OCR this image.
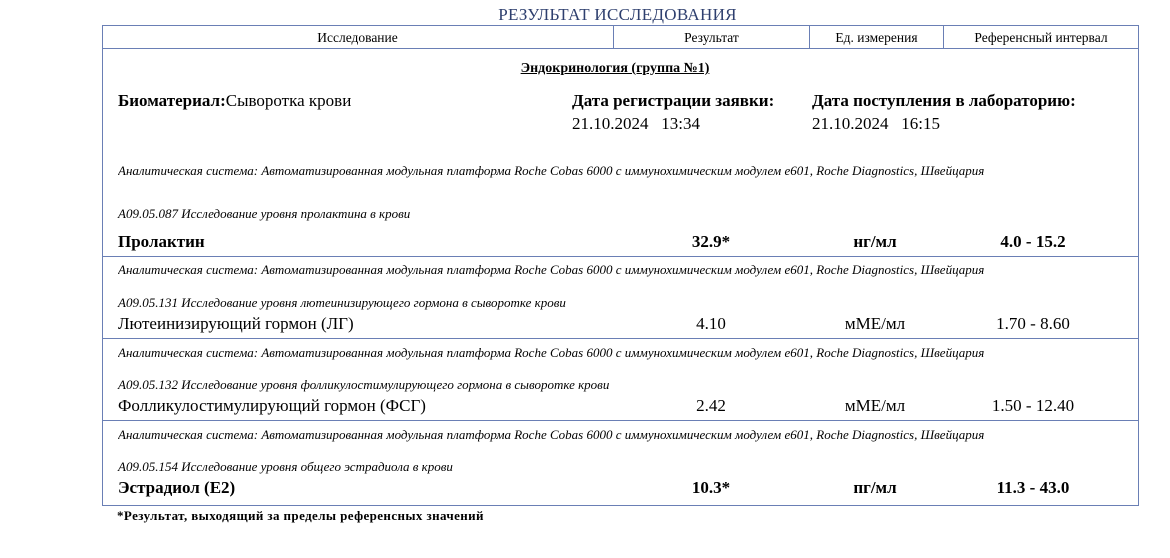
РЕЗУЛЬТАТ ИССЛЕДОВАНИЯ
Исследование	Результат	Ед. измерения	Референсный интервал
Эндокринология (группа №1)
Биоматериал:Сыворотка крови	Дата регистрации заявки:
21.10.2024 13:34
Дата поступления в лабораторию:
21.10.2024 16:15
Аналитическая система: Автоматизированная модульная платформа Roche Cobas 6000 с иммунохимическим модулем e601, Roche Diagnostics, Швейцария
A09.05.087 Исследование уровня пролактина в крови
Пролактин	32.9*	нг/мл	4.0 - 15.2
Аналитическая система: Автоматизированная модульная платформа Roche Cobas 6000 с иммунохимическим модулем e601, Roche Diagnostics, Швейцария
A09.05.131 Исследование уровня лютеинизирующего гормона в сыворотке крови
Лютеинизирующий гормон (ЛГ)	4.10	мМЕ/мл	1.70 - 8.60
Аналитическая система: Автоматизированная модульная платформа Roche Cobas 6000 с иммунохимическим модулем e601, Roche Diagnostics, Швейцария
A09.05.132 Исследование уровня фолликулостимулирующего гормона в сыворотке крови
Фолликулостимулирующий гормон (ФСГ)	2.42	мМЕ/мл	1.50 - 12.40
Аналитическая система: Автоматизированная модульная платформа Roche Cobas 6000 с иммунохимическим модулем e601, Roche Diagnostics, Швейцария
A09.05.154 Исследование уровня общего эстрадиола в крови
Эстрадиол (E2)	10.3*	пг/мл	11.3 - 43.0
*Результат, выходящий за пределы референсных значений
